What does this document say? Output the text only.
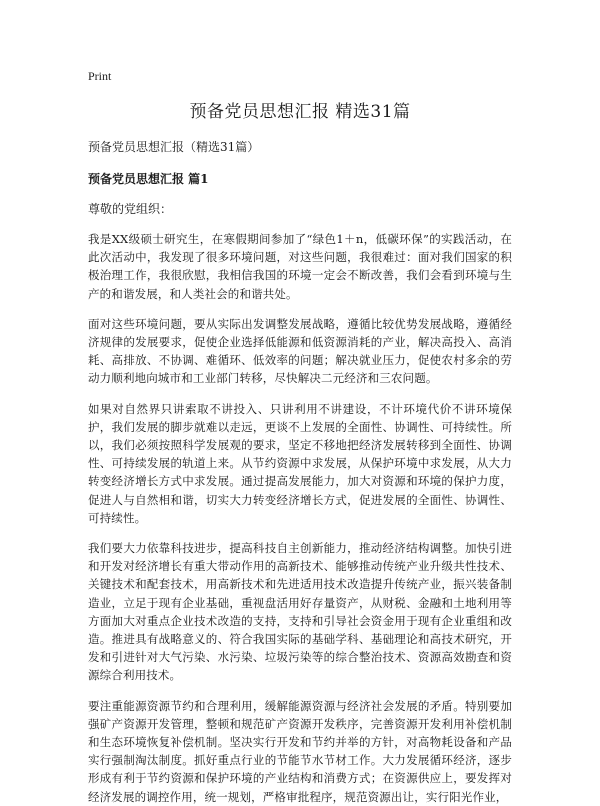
Print
预备党员思想汇报 精选31篇
预备党员思想汇报（精选31篇）
预备党员思想汇报 篇1
尊敬的党组织：

我是XX级硕士研究生，在寒假期间参加了“绿色1＋n，低碳环保”的实践活动，在此次活动中，我发现了很多环境问题，对这些问题，我很难过：面对我们国家的积极治理工作，我很欣慰，我相信我国的环境一定会不断改善，我们会看到环境与生产的和谐发展，和人类社会的和谐共处。

面对这些环境问题，要从实际出发调整发展战略，遵循比较优势发展战略，遵循经济规律的发展要求，促使企业选择低能源和低资源消耗的产业，解决高投入、高消耗、高排放、不协调、难循环、低效率的问题；解决就业压力，促使农村多余的劳动力顺利地向城市和工业部门转移，尽快解决二元经济和三农问题。

如果对自然界只讲索取不讲投入、只讲利用不讲建设，不计环境代价不讲环境保护，我们发展的脚步就难以走远，更谈不上发展的全面性、协调性、可持续性。所以，我们必须按照科学发展观的要求，坚定不移地把经济发展转移到全面性、协调性、可持续发展的轨道上来。从节约资源中求发展，从保护环境中求发展，从大力转变经济增长方式中求发展。通过提高发展能力，加大对资源和环境的保护力度，促进人与自然相和谐，切实大力转变经济增长方式，促进发展的全面性、协调性、可持续性。

我们要大力依靠科技进步，提高科技自主创新能力，推动经济结构调整。加快引进和开发对经济增长有重大带动作用的高新技术、能够推动传统产业升级共性技术、关键技术和配套技术，用高新技术和先进适用技术改造提升传统产业，振兴装备制造业，立足于现有企业基础，重视盘活用好存量资产，从财税、金融和土地利用等方面加大对重点企业技术改造的支持，支持和引导社会资金用于现有企业重组和改造。推进具有战略意义的、符合我国实际的基础学科、基础理论和高技术研究，开发和引进针对大气污染、水污染、垃圾污染等的综合整治技术、资源高效勘查和资源综合利用技术。

要注重能源资源节约和合理利用，缓解能源资源与经济社会发展的矛盾。特别要加强矿产资源开发管理，整顿和规范矿产资源开发秩序，完善资源开发利用补偿机制和生态环境恢复补偿机制。坚决实行开发和节约并举的方针，对高物耗设备和产品实行强制淘汰制度。抓好重点行业的节能节水节材工作。大力发展循环经济，逐步形成有利于节约资源和保护环境的产业结构和消费方式；在资源供应上，要发挥对经济发展的调控作用，统一规划，严格审批程序，规范资源出让，实行阳光作业，
